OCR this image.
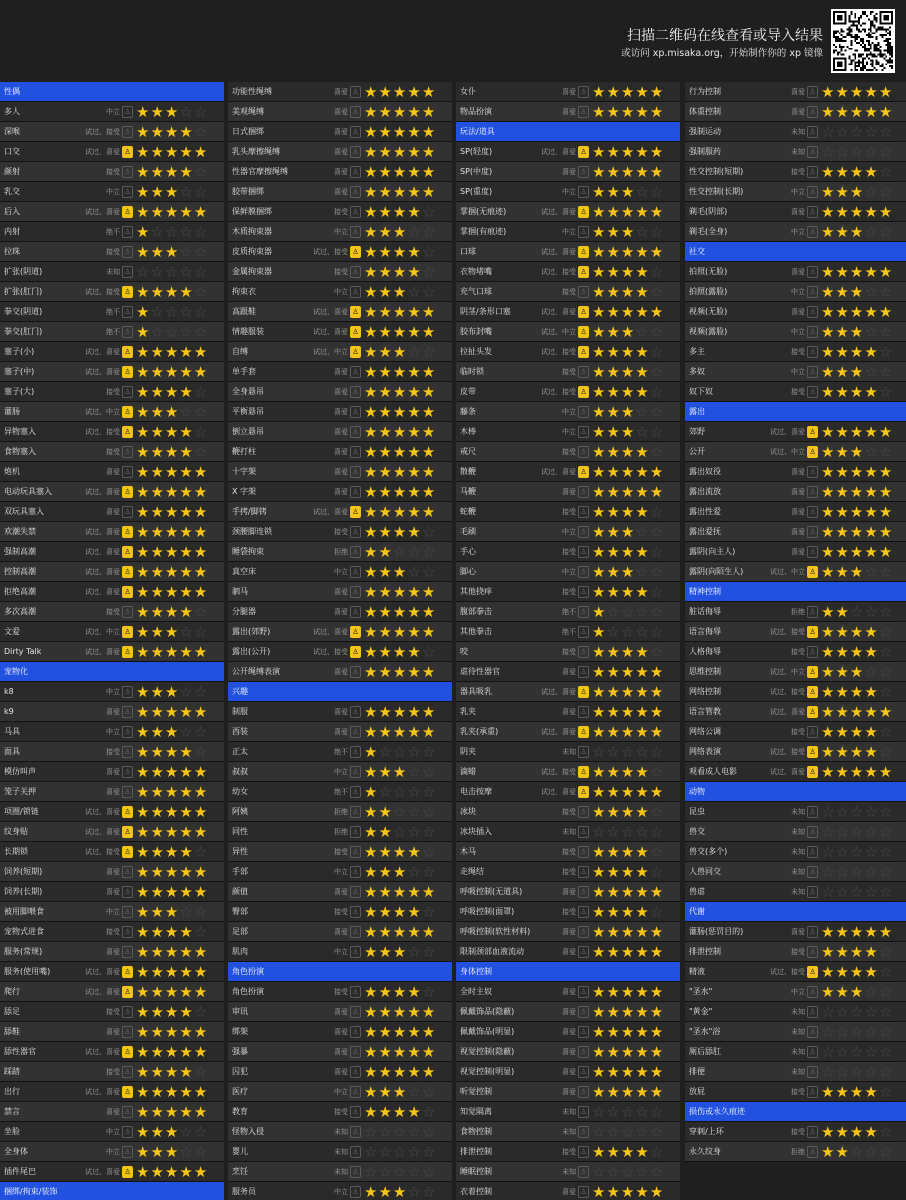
扫描二维码在线查看或导入结果
或访问 xp.misaka.org，开始制作你的 xp 镜像
性偶
多人	中立 ♙ ★★★☆☆
深喉	试过、接受 ♙ ★★★★☆
口交	试过、喜爱 ♙ ★★★★★
颜射	接受 ♙ ★★★★☆
乳交	中立 ♙ ★★★☆☆
后入	试过、喜爱 ♙ ★★★★★
内射	绝不 ♙ ★☆☆☆☆
拉珠	接受 ♙ ★★★☆☆
扩张(阴道)	未知 ♙ ☆☆☆☆☆
扩张(肛门)	试过、接受 ♙ ★★★★☆
拳交(阴道)	绝不 ♙ ★☆☆☆☆
拳交(肛门)	绝不 ♙ ★☆☆☆☆
塞子(小)	试过、喜爱 ♙ ★★★★★
塞子(中)	试过、喜爱 ♙ ★★★★★
塞子(大)	接受 ♙ ★★★★☆
灌肠	试过、中立 ♙ ★★★☆☆
异物塞入	试过、接受 ♙ ★★★★☆
食物塞入	接受 ♙ ★★★★☆
炮机	喜爱 ♙ ★★★★★
电动玩具塞入	试过、喜爱 ♙ ★★★★★
双玩具塞入	喜爱 ♙ ★★★★★
欢潮失禁	试过、喜爱 ♙ ★★★★★
强制高潮	试过、喜爱 ♙ ★★★★★
控制高潮	试过、喜爱 ♙ ★★★★★
拒绝高潮	试过、喜爱 ♙ ★★★★★
多次高潮	接受 ♙ ★★★★☆
文爱	试过、中立 ♙ ★★★☆☆
Dirty Talk	试过、喜爱 ♙ ★★★★★
宠物化
k8	中立 ♙ ★★★☆☆
k9	喜爱 ♙ ★★★★★
马具	中立 ♙ ★★★☆☆
面具	接受 ♙ ★★★★☆
模仿叫声	喜爱 ♙ ★★★★★
笼子关押	喜爱 ♙ ★★★★★
项圈/锁链	试过、喜爱 ♙ ★★★★★
纹身贴	试过、喜爱 ♙ ★★★★★
长期锁	试过、接受 ♙ ★★★★☆
饲养(短期)	喜爱 ♙ ★★★★★
饲养(长期)	喜爱 ♙ ★★★★★
被用脚喂食	中立 ♙ ★★★☆☆
宠物式进食	接受 ♙ ★★★★☆
服务(常规)	喜爱 ♙ ★★★★★
服务(使用嘴)	试过、喜爱 ♙ ★★★★★
爬行	试过、喜爱 ♙ ★★★★★
舔足	接受 ♙ ★★★★☆
舔鞋	喜爱 ♙ ★★★★★
舔性器官	试过、喜爱 ♙ ★★★★★
踩踏	接受 ♙ ★★★★☆
出行	试过、喜爱 ♙ ★★★★★
禁言	喜爱 ♙ ★★★★★
坐脸	中立 ♙ ★★★☆☆
全身体	中立 ♙ ★★★☆☆
插件尾巴	试过、喜爱 ♙ ★★★★★
捆绑/拘束/装饰
功能性绳缚	喜爱 ♙ ★★★★★
美观绳缚	喜爱 ♙ ★★★★★
日式捆绑	喜爱 ♙ ★★★★★
乳头摩擦绳缚	喜爱 ♙ ★★★★★
性器官摩擦绳缚	喜爱 ♙ ★★★★★
胶带捆绑	喜爱 ♙ ★★★★★
保鲜膜捆绑	接受 ♙ ★★★★☆
木质拘束器	中立 ♙ ★★★☆☆
皮质拘束器	试过、接受 ♙ ★★★★☆
金属拘束器	接受 ♙ ★★★★☆
拘束衣	中立 ♙ ★★★☆☆
高跟鞋	试过、喜爱 ♙ ★★★★★
情趣服装	试过、喜爱 ♙ ★★★★★
自缚	试过、中立 ♙ ★★★☆☆
单手套	喜爱 ♙ ★★★★★
全身悬吊	喜爱 ♙ ★★★★★
平衡悬吊	喜爱 ♙ ★★★★★
倒立悬吊	喜爱 ♙ ★★★★★
鞭打柱	喜爱 ♙ ★★★★★
十字架	喜爱 ♙ ★★★★★
X 字架	喜爱 ♙ ★★★★★
手拷/脚铐	试过、喜爱 ♙ ★★★★★
颈腰脚连锁	接受 ♙ ★★★★☆
睡袋拘束	拒绝 ♙ ★★☆☆☆
真空床	中立 ♙ ★★★☆☆
驷马	喜爱 ♙ ★★★★★
分腿器	喜爱 ♙ ★★★★★
露出(郊野)	试过、喜爱 ♙ ★★★★★
露出(公开)	试过、接受 ♙ ★★★★☆
公开绳缚表演	喜爱 ♙ ★★★★★
兴趣
制服	喜爱 ♙ ★★★★★
西装	喜爱 ♙ ★★★★★
正太	绝不 ♙ ★☆☆☆☆
叔叔	中立 ♙ ★★★☆☆
幼女	绝不 ♙ ★☆☆☆☆
阿姨	拒绝 ♙ ★★☆☆☆
同性	拒绝 ♙ ★★☆☆☆
异性	接受 ♙ ★★★★☆
手部	中立 ♙ ★★★☆☆
颜值	喜爱 ♙ ★★★★★
臀部	接受 ♙ ★★★★☆
足部	喜爱 ♙ ★★★★★
肌肉	中立 ♙ ★★★☆☆
角色扮演
角色扮演	接受 ♙ ★★★★☆
审讯	喜爱 ♙ ★★★★★
绑架	喜爱 ♙ ★★★★★
强暴	喜爱 ♙ ★★★★★
囚犯	喜爱 ♙ ★★★★★
医疗	中立 ♙ ★★★☆☆
教育	接受 ♙ ★★★★☆
怪物入侵	未知 ♙ ☆☆☆☆☆
婴儿	未知 ♙ ☆☆☆☆☆
烹饪	未知 ♙ ☆☆☆☆☆
服务员	中立 ♙ ★★★☆☆
女仆	喜爱 ♙ ★★★★★
物品扮演	喜爱 ♙ ★★★★★
玩法/道具
SP(轻度)	试过、喜爱 ♙ ★★★★★
SP(中度)	喜爱 ♙ ★★★★★
SP(重度)	中立 ♙ ★★★☆☆
掌掴(无痕迹)	试过、喜爱 ♙ ★★★★★
掌掴(有痕迹)	中立 ♙ ★★★☆☆
口球	试过、喜爱 ♙ ★★★★★
衣物堵嘴	试过、接受 ♙ ★★★★☆
充气口球	接受 ♙ ★★★★☆
阴茎/条形口塞	试过、喜爱 ♙ ★★★★★
胶布封嘴	试过、中立 ♙ ★★★☆☆
拉扯头发	试过、接受 ♙ ★★★★☆
临时锁	接受 ♙ ★★★★☆
皮带	试过、接受 ♙ ★★★★☆
藤条	中立 ♙ ★★★☆☆
木棒	中立 ♙ ★★★☆☆
戒尺	接受 ♙ ★★★★☆
散鞭	试过、喜爱 ♙ ★★★★★
马鞭	喜爱 ♙ ★★★★★
蛇鞭	接受 ♙ ★★★★☆
毛刷	中立 ♙ ★★★☆☆
手心	接受 ♙ ★★★★☆
脚心	中立 ♙ ★★★☆☆
其他挠痒	接受 ♙ ★★★★☆
腹部拳击	绝不 ♙ ★☆☆☆☆
其他拳击	绝不 ♙ ★☆☆☆☆
咬	接受 ♙ ★★★★☆
虐待性器官	喜爱 ♙ ★★★★★
器具吸乳	试过、喜爱 ♙ ★★★★★
乳夹	喜爱 ♙ ★★★★★
乳夹(承重)	试过、喜爱 ♙ ★★★★★
阴夹	未知 ♙ ☆☆☆☆☆
滴蜡	试过、接受 ♙ ★★★★☆
电击按摩	试过、喜爱 ♙ ★★★★★
冰块	接受 ♙ ★★★★☆
冰块插入	未知 ♙ ☆☆☆☆☆
木马	接受 ♙ ★★★★☆
走绳结	接受 ♙ ★★★★☆
呼吸控制(无道具)	喜爱 ♙ ★★★★★
呼吸控制(面罩)	接受 ♙ ★★★★☆
呼吸控制(软性材料)	喜爱 ♙ ★★★★★
限制颈部血液流动	喜爱 ♙ ★★★★★
身体控制
全时主奴	喜爱 ♙ ★★★★★
佩戴饰品(隐蔽)	喜爱 ♙ ★★★★★
佩戴饰品(明显)	喜爱 ♙ ★★★★★
视觉控制(隐蔽)	喜爱 ♙ ★★★★★
视觉控制(明显)	喜爱 ♙ ★★★★★
听觉控制	喜爱 ♙ ★★★★★
知觉隔离	未知 ♙ ☆☆☆☆☆
食物控制	未知 ♙ ☆☆☆☆☆
排泄控制	接受 ♙ ★★★★☆
睡眠控制	未知 ♙ ☆☆☆☆☆
衣着控制	喜爱 ♙ ★★★★★
行为控制	喜爱 ♙ ★★★★★
体重控制	喜爱 ♙ ★★★★★
强制运动	未知 ♙ ☆☆☆☆☆
强制服药	未知 ♙ ☆☆☆☆☆
性交控制(短期)	接受 ♙ ★★★★☆
性交控制(长期)	中立 ♙ ★★★☆☆
剃毛(阴部)	喜爱 ♙ ★★★★★
剃毛(全身)	中立 ♙ ★★★☆☆
社交
拍照(无脸)	喜爱 ♙ ★★★★★
拍照(露脸)	中立 ♙ ★★★☆☆
视频(无脸)	喜爱 ♙ ★★★★★
视频(露脸)	中立 ♙ ★★★☆☆
多主	接受 ♙ ★★★★☆
多奴	中立 ♙ ★★★☆☆
奴下奴	接受 ♙ ★★★★☆
露出
郊野	试过、喜爱 ♙ ★★★★★
公开	试过、中立 ♙ ★★★☆☆
露出奴役	喜爱 ♙ ★★★★★
露出流放	喜爱 ♙ ★★★★★
露出性爱	喜爱 ♙ ★★★★★
露出爱抚	喜爱 ♙ ★★★★★
露阴(向主人)	喜爱 ♙ ★★★★★
露阴(向陌生人)	试过、中立 ♙ ★★★☆☆
精神控制
脏话侮辱	拒绝 ♙ ★★☆☆☆
语言侮辱	试过、接受 ♙ ★★★★☆
人格侮辱	接受 ♙ ★★★★☆
思维控制	试过、中立 ♙ ★★★☆☆
网络控制	试过、接受 ♙ ★★★★☆
语言管教	试过、喜爱 ♙ ★★★★★
网络公调	接受 ♙ ★★★★☆
网络表演	试过、接受 ♙ ★★★★☆
观看成人电影	试过、喜爱 ♙ ★★★★★
动物
昆虫	未知 ♙ ☆☆☆☆☆
兽交	未知 ♙ ☆☆☆☆☆
兽交(多个)	未知 ♙ ☆☆☆☆☆
人兽同交	未知 ♙ ☆☆☆☆☆
兽虐	未知 ♙ ☆☆☆☆☆
代谢
灌肠(惩罚目的)	喜爱 ♙ ★★★★★
排泄控制	接受 ♙ ★★★★☆
精液	试过、接受 ♙ ★★★★☆
"圣水"	中立 ♙ ★★★☆☆
"黄金"	未知 ♙ ☆☆☆☆☆
"圣水"浴	未知 ♙ ☆☆☆☆☆
厕后舔肛	未知 ♙ ☆☆☆☆☆
排便	未知 ♙ ☆☆☆☆☆
放屁	接受 ♙ ★★★★☆
损伤或永久痕迹
穿刺/上环	接受 ♙ ★★★★☆
永久纹身	拒绝 ♙ ★★☆☆☆
